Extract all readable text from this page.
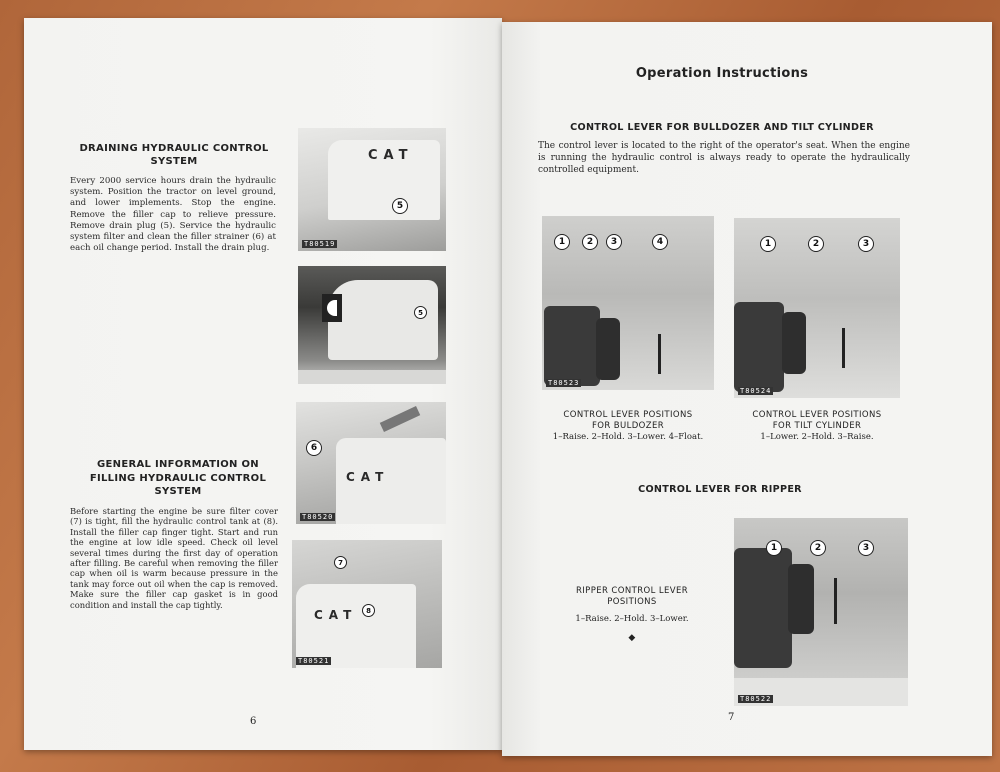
DRAINING HYDRAULIC CONTROL
SYSTEM
Every 2000 service hours drain the hydraulic system. Position the tractor on level ground, and lower implements. Stop the engine. Remove the filler cap to relieve pressure. Remove drain plug (5). Service the hydraulic system filter and clean the filler strainer (6) at each oil change period. Install the drain plug.
GENERAL INFORMATION ON
FILLING HYDRAULIC CONTROL
SYSTEM
Before starting the engine be sure filter cover (7) is tight, fill the hydraulic control tank at (8). Install the filler cap finger tight. Start and run the engine at low idle speed. Check oil level several times during the first day of operation after filling. Be careful when removing the filler cap when oil is warm because pressure in the tank may force out oil when the cap is removed. Make sure the filler cap gasket is in good condition and install the cap tightly.
CAT
5
T80519
5
CAT
6
T80520
CAT
7
8
T80521
6
Operation Instructions
CONTROL LEVER FOR BULLDOZER AND TILT CYLINDER
The control lever is located to the right of the operator's seat. When the engine is running the hydraulic control is always ready to operate the hydraulically controlled equipment.
1	2	3	4
T80523
1	2	3
T80524
CONTROL LEVER POSITIONS
FOR BULDOZER
1–Raise. 2–Hold. 3–Lower. 4–Float.
CONTROL LEVER POSITIONS
FOR TILT CYLINDER
1–Lower. 2–Hold. 3–Raise.
CONTROL LEVER FOR RIPPER
RIPPER CONTROL LEVER
POSITIONS
1–Raise. 2–Hold. 3–Lower.
◆
1	2	3
T80522
7
